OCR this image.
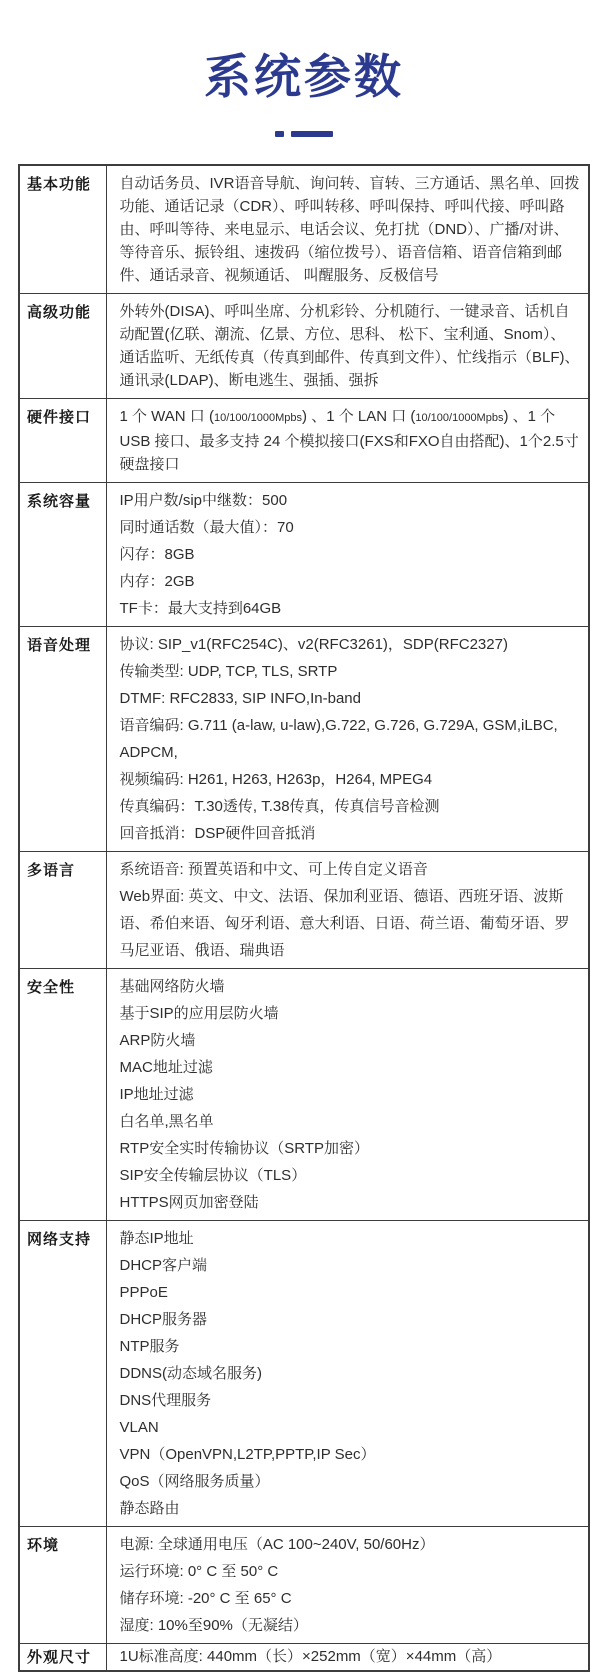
系统参数
基本功能	自动话务员、IVR语音导航、询问转、盲转、三方通话、黑名单、回拨功能、通话记录（CDR）、呼叫转移、呼叫保持、呼叫代接、呼叫路由、呼叫等待、来电显示、电话会议、免打扰（DND）、广播/对讲、等待音乐、振铃组、速拨码（缩位拨号）、语音信箱、语音信箱到邮件、通话录音、视频通话、 叫醒服务、反极信号

高级功能	外转外(DISA)、呼叫坐席、分机彩铃、分机随行、一键录音、话机自动配置(亿联、潮流、亿景、方位、思科、 松下、宝利通、Snom）、通话监听、无纸传真（传真到邮件、传真到文件）、忙线指示（BLF)、通讯录(LDAP)、断电逃生、强插、强拆

硬件接口	1 个 WAN 口 (10/100/1000Mpbs) 、1 个 LAN 口 (10/100/1000Mpbs) 、1 个 USB 接口、最多支持 24 个模拟接口(FXS和FXO自由搭配)、1个2.5寸硬盘接口

系统容量	IP用户数/sip中继数：500
同时通话数（最大值）：70
闪存：8GB
内存：2GB
TF卡：最大支持到64GB

语音处理	协议: SIP_v1(RFC254C)、v2(RFC3261)，SDP(RFC2327)
传输类型: UDP, TCP, TLS, SRTP
DTMF: RFC2833, SIP INFO,In-band
语音编码: G.711 (a-law, u-law),G.722, G.726, G.729A, GSM,iLBC, ADPCM,
视频编码: H261, H263, H263p，H264, MPEG4
传真编码：T.30透传, T.38传真，传真信号音检测
回音抵消：DSP硬件回音抵消

多语言	系统语音: 预置英语和中文、可上传自定义语音
Web界面: 英文、中文、法语、保加利亚语、德语、西班牙语、波斯语、希伯来语、匈牙利语、意大利语、日语、荷兰语、葡萄牙语、罗马尼亚语、俄语、瑞典语

安全性	基础网络防火墙
基于SIP的应用层防火墙
ARP防火墙
MAC地址过滤
IP地址过滤
白名单,黑名单
RTP安全实时传输协议（SRTP加密）
SIP安全传输层协议（TLS）
HTTPS网页加密登陆

网络支持	静态IP地址
DHCP客户端
PPPoE
DHCP服务器
NTP服务
DDNS(动态域名服务)
DNS代理服务
VLAN
VPN（OpenVPN,L2TP,PPTP,IP Sec）
QoS（网络服务质量）
静态路由

环境	电源: 全球通用电压（AC 100~240V, 50/60Hz）
运行环境: 0° C 至 50° C
储存环境: -20° C 至 65° C
湿度: 10%至90%（无凝结）

外观尺寸	1U标准高度: 440mm（长）×252mm（宽）×44mm（高）
